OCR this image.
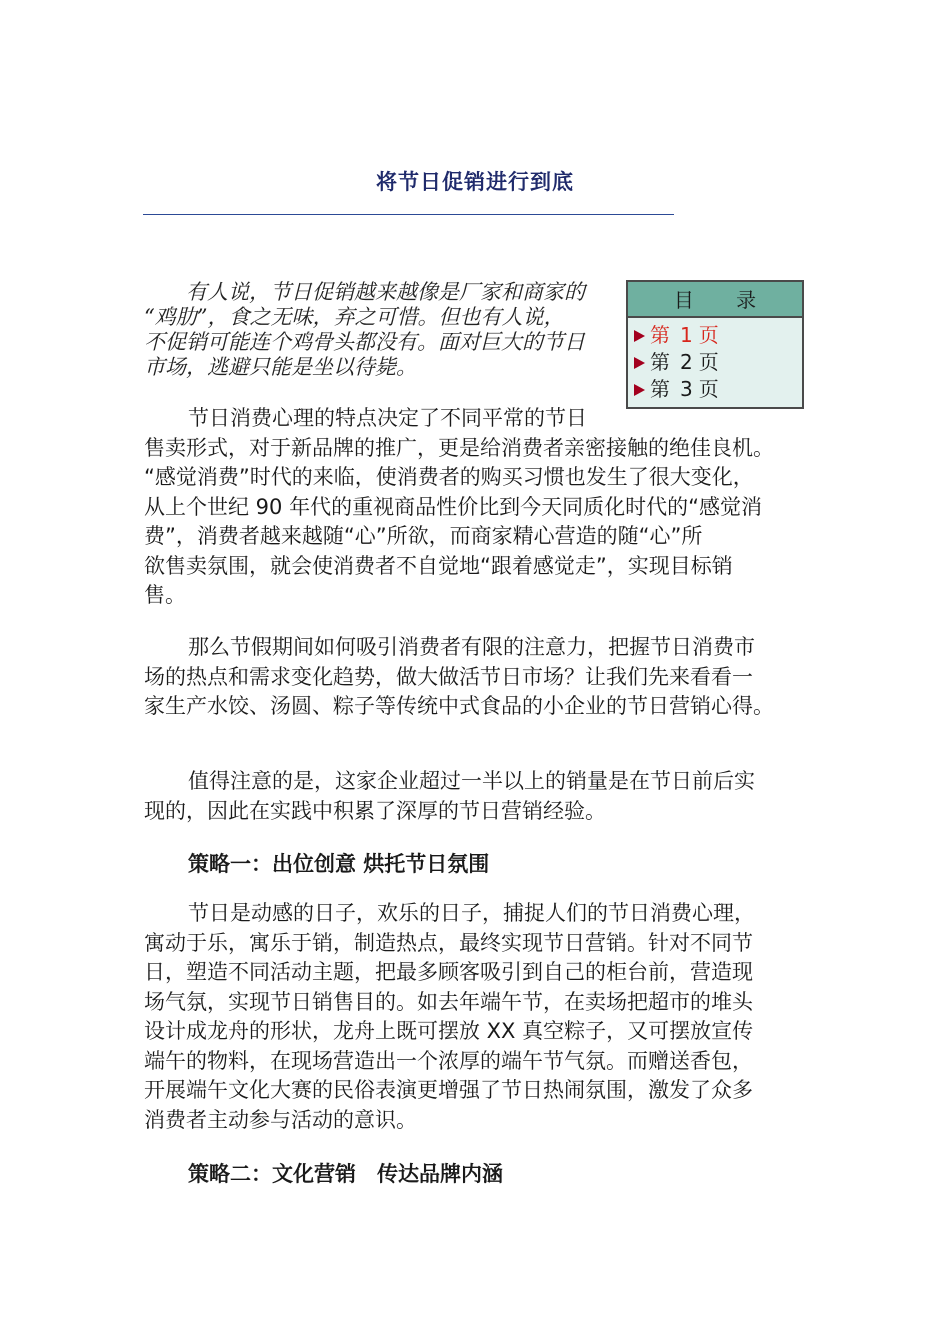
将节日促销进行到底
　　有人说，节日促销越来越像是厂家和商家的
“鸡肋”，食之无味，弃之可惜。但也有人说，
不促销可能连个鸡骨头都没有。面对巨大的节日
市场，逃避只能是坐以待毙。
目 录
第 1 页
第 2 页
第 3 页
节日消费心理的特点决定了不同平常的节日
售卖形式，对于新品牌的推广，更是给消费者亲密接触的绝佳良机。
“感觉消费”时代的来临，使消费者的购买习惯也发生了很大变化，
从上个世纪 90 年代的重视商品性价比到今天同质化时代的“感觉消
费”，消费者越来越随“心”所欲，而商家精心营造的随“心”所
欲售卖氛围，就会使消费者不自觉地“跟着感觉走”，实现目标销
售。
那么节假期间如何吸引消费者有限的注意力，把握节日消费市
场的热点和需求变化趋势，做大做活节日市场？让我们先来看看一
家生产水饺、汤圆、粽子等传统中式食品的小企业的节日营销心得。
值得注意的是，这家企业超过一半以上的销量是在节日前后实
现的，因此在实践中积累了深厚的节日营销经验。
策略一：出位创意 烘托节日氛围
节日是动感的日子，欢乐的日子，捕捉人们的节日消费心理，
寓动于乐，寓乐于销，制造热点，最终实现节日营销。针对不同节
日，塑造不同活动主题，把最多顾客吸引到自己的柜台前，营造现
场气氛，实现节日销售目的。如去年端午节，在卖场把超市的堆头
设计成龙舟的形状，龙舟上既可摆放 XX 真空粽子，又可摆放宣传
端午的物料，在现场营造出一个浓厚的端午节气氛。而赠送香包，
开展端午文化大赛的民俗表演更增强了节日热闹氛围，激发了众多
消费者主动参与活动的意识。
策略二：文化营销　传达品牌内涵
